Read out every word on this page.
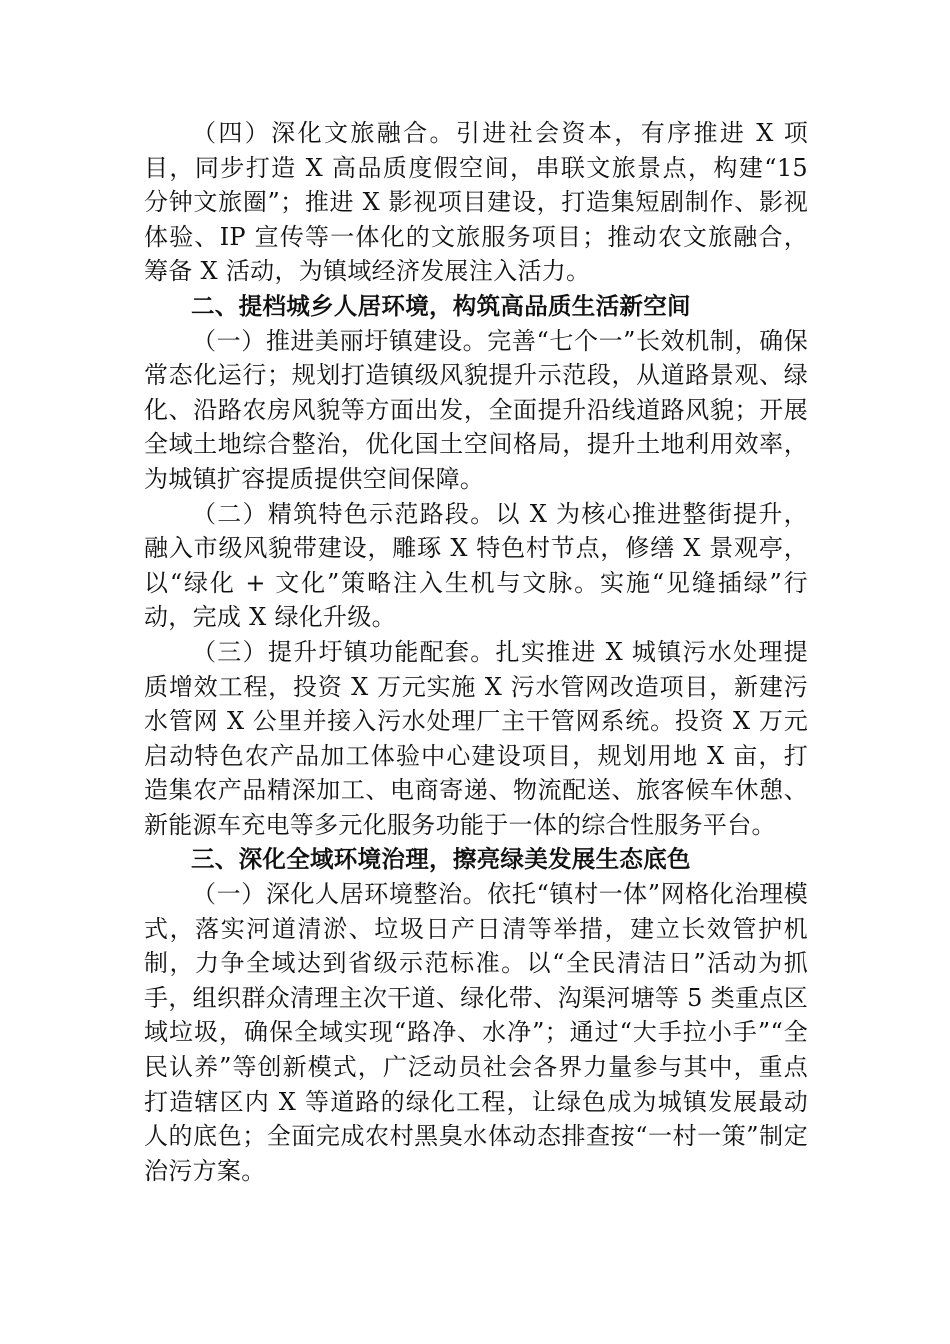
（四）深化文旅融合。引进社会资本，有序推进 X 项目，同步打造 X 高品质度假空间，串联文旅景点，构建“15 分钟文旅圈”；推进 X 影视项目建设，打造集短剧制作、影视体验、IP 宣传等一体化的文旅服务项目；推动农文旅融合，筹备 X 活动，为镇域经济发展注入活力。

二、提档城乡人居环境，构筑高品质生活新空间

（一）推进美丽圩镇建设。完善“七个一”长效机制，确保常态化运行；规划打造镇级风貌提升示范段，从道路景观、绿化、沿路农房风貌等方面出发，全面提升沿线道路风貌；开展全域土地综合整治，优化国土空间格局，提升土地利用效率，为城镇扩容提质提供空间保障。

（二）精筑特色示范路段。以 X 为核心推进整街提升，融入市级风貌带建设，雕琢 X 特色村节点，修缮 X 景观亭，以“绿化 + 文化”策略注入生机与文脉。实施“见缝插绿”行动，完成 X 绿化升级。

（三）提升圩镇功能配套。扎实推进 X 城镇污水处理提质增效工程，投资 X 万元实施 X 污水管网改造项目，新建污水管网 X 公里并接入污水处理厂主干管网系统。投资 X 万元启动特色农产品加工体验中心建设项目，规划用地 X 亩，打造集农产品精深加工、电商寄递、物流配送、旅客候车休憩、新能源车充电等多元化服务功能于一体的综合性服务平台。

三、深化全域环境治理，擦亮绿美发展生态底色

（一）深化人居环境整治。依托“镇村一体”网格化治理模式，落实河道清淤、垃圾日产日清等举措，建立长效管护机制，力争全域达到省级示范标准。以“全民清洁日”活动为抓手，组织群众清理主次干道、绿化带、沟渠河塘等 5 类重点区域垃圾，确保全域实现“路净、水净”；通过“大手拉小手”“全民认养”等创新模式，广泛动员社会各界力量参与其中，重点打造辖区内 X 等道路的绿化工程，让绿色成为城镇发展最动人的底色；全面完成农村黑臭水体动态排查按“一村一策”制定治污方案。
